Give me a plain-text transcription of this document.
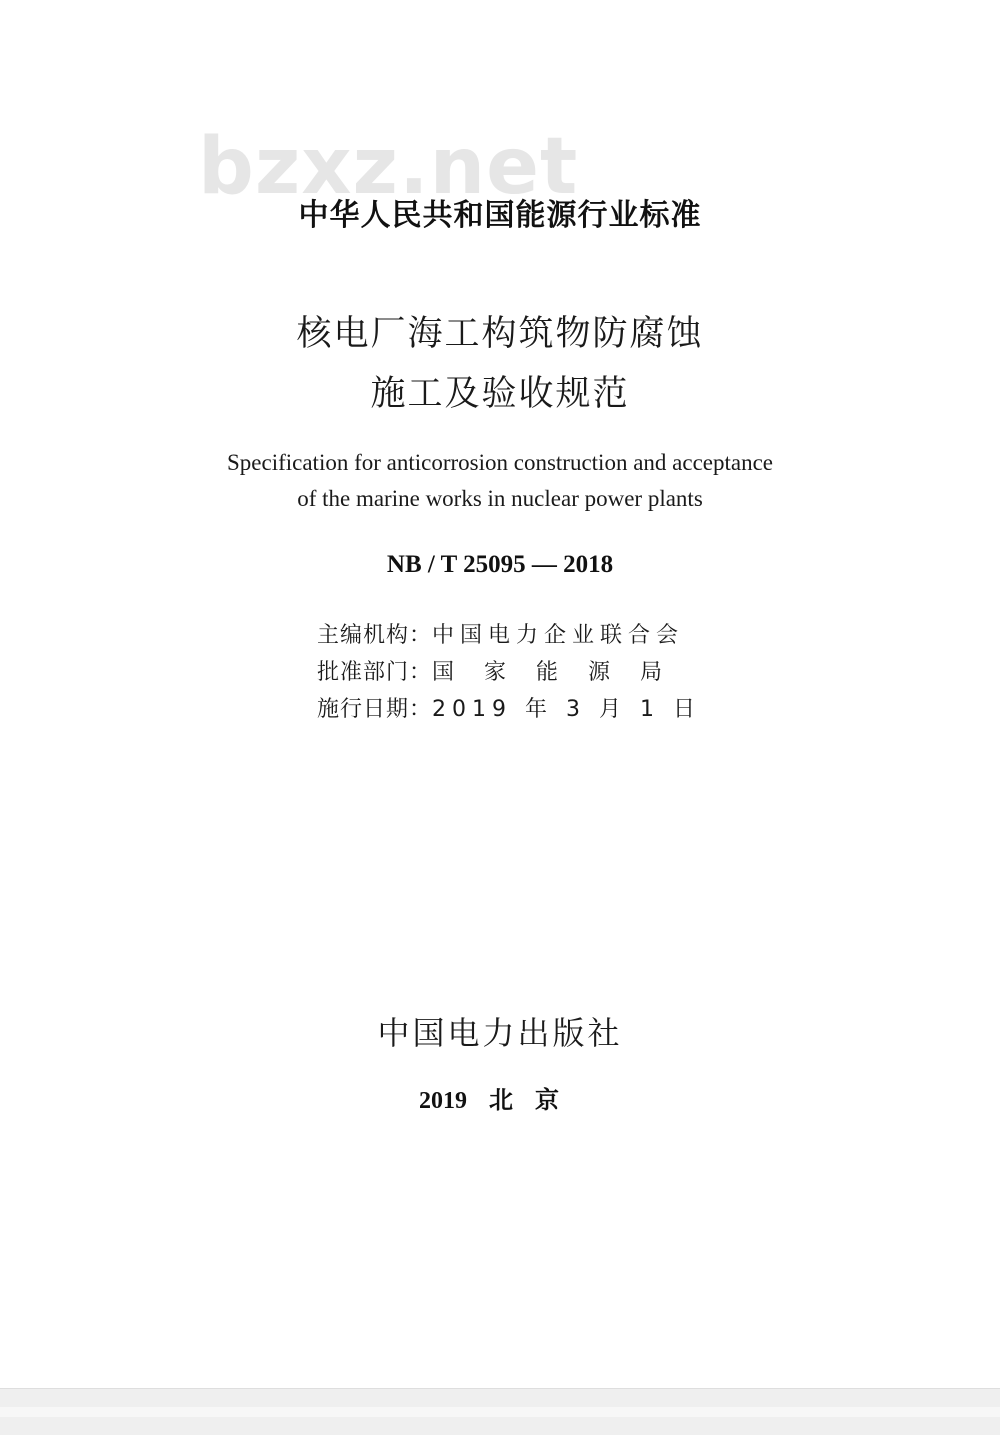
bzxz.net
中华人民共和国能源行业标准
核电厂海工构筑物防腐蚀
施工及验收规范
Specification for anticorrosion construction and acceptance
of the marine works in nuclear power plants
NB / T 25095 — 2018
主编机构：中国电力企业联合会
批准部门：国家能源局
施行日期：2019 年 3 月 1 日
中国电力出版社
2019 北京
